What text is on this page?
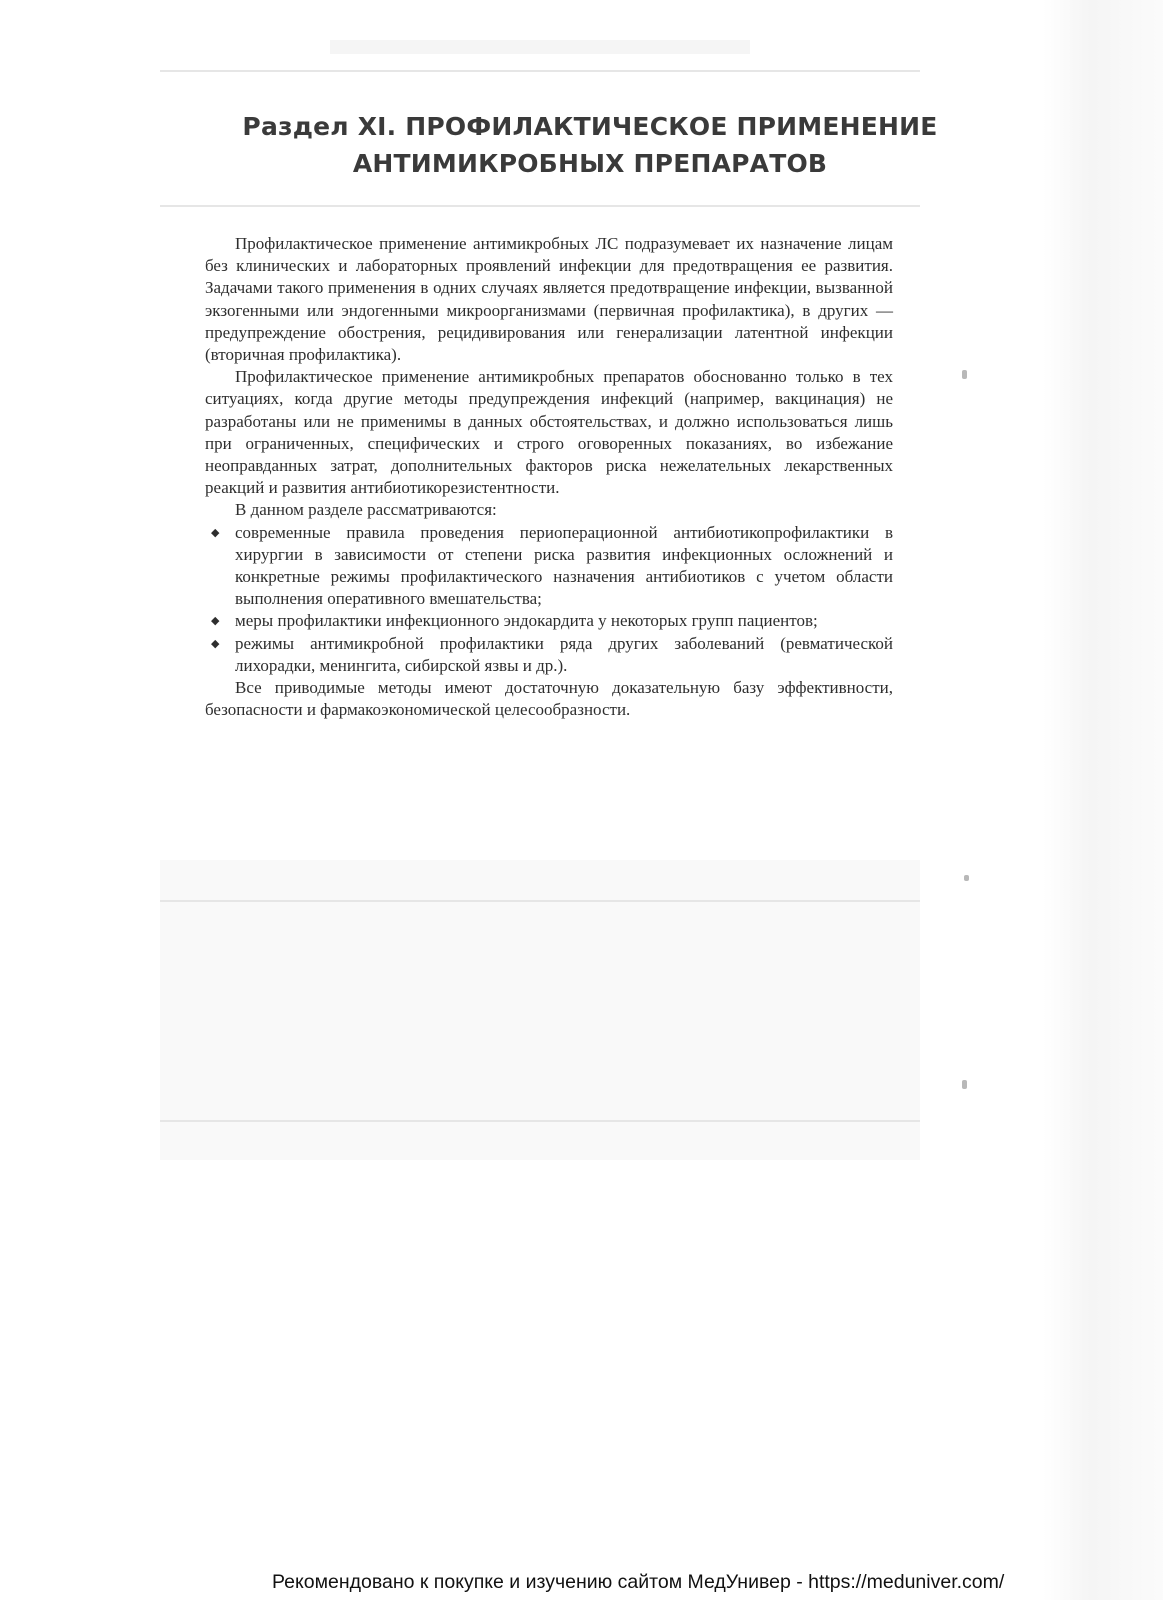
Раздел XI. ПРОФИЛАКТИЧЕСКОЕ ПРИМЕНЕНИЕ
АНТИМИКРОБНЫХ ПРЕПАРАТОВ

Профилактическое применение антимикробных ЛС подразумевает их назначение лицам без клинических и лабораторных проявлений инфекции для предотвращения ее развития. Задачами такого применения в одних случаях является предотвращение инфекции, вызванной экзогенными или эндогенными микроорганизмами (первичная профилактика), в других — предупреждение обострения, рецидивирования или генерализации латентной инфекции (вторичная профилактика).

Профилактическое применение антимикробных препаратов обоснованно только в тех ситуациях, когда другие методы предупреждения инфекций (например, вакцинация) не разработаны или не применимы в данных обстоятельствах, и должно использоваться лишь при ограниченных, специфических и строго оговоренных показаниях, во избежание неоправданных затрат, дополнительных факторов риска нежелательных лекарственных реакций и развития антибиотикорезистентности.

В данном разделе рассматриваются:

◆ современные правила проведения периоперационной антибиотикопрофилактики в хирургии в зависимости от степени риска развития инфекционных осложнений и конкретные режимы профилактического назначения антибиотиков с учетом области выполнения оперативного вмешательства;
◆ меры профилактики инфекционного эндокардита у некоторых групп пациентов;
◆ режимы антимикробной профилактики ряда других заболеваний (ревматической лихорадки, менингита, сибирской язвы и др.).

Все приводимые методы имеют достаточную доказательную базу эффективности, безопасности и фармакоэкономической целесообразности.

Рекомендовано к покупке и изучению сайтом МедУнивер - https://meduniver.com/
